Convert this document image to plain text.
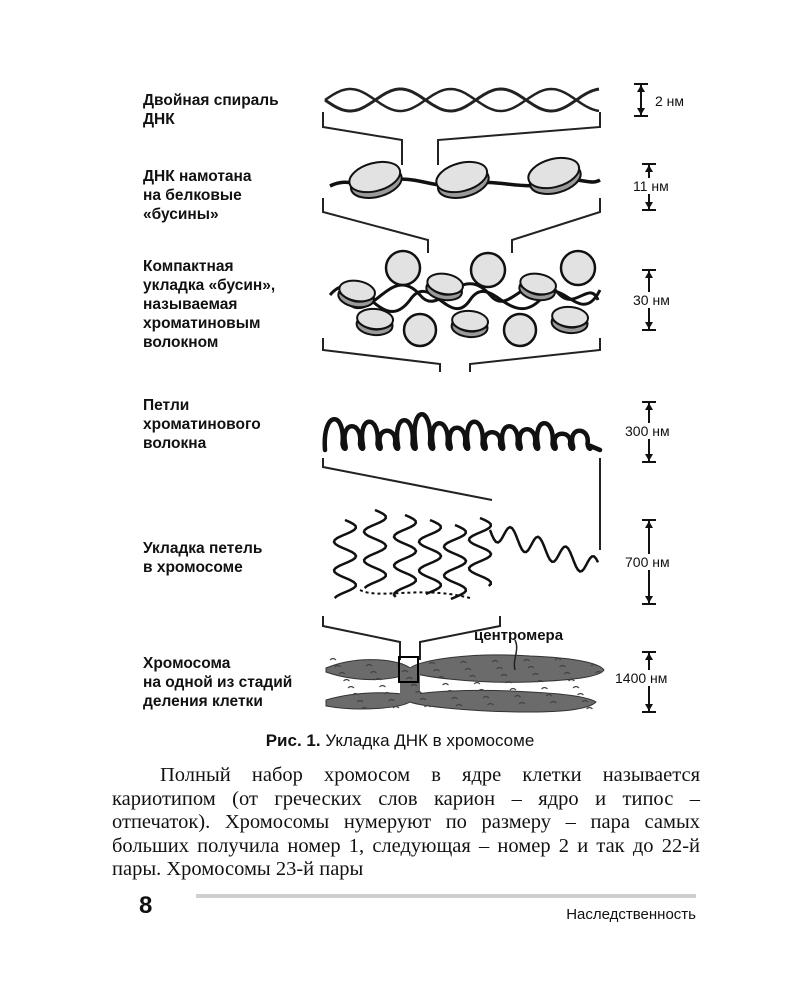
Двойная спираль
ДНК
ДНК намотана
на белковые
«бусины»
Компактная
укладка «бусин»,
называемая
хроматиновым
волокном
Петли
хроматинового
волокна
Укладка петель
в хромосоме
Хромосома
на одной из стадий
деления клетки
2 нм
11 нм
30 нм
300 нм
700 нм
1400 нм
центромера
Рис. 1. Укладка ДНК в хромосоме

Полный набор хромосом в ядре клетки называется кариотипом (от греческих слов карион – ядро и типос – отпечаток). Хромосомы нумеруют по размеру – пара самых больших получила номер 1, следующая – номер 2 и так до 22-й пары. Хромосомы 23-й пары

8	Наследственность
